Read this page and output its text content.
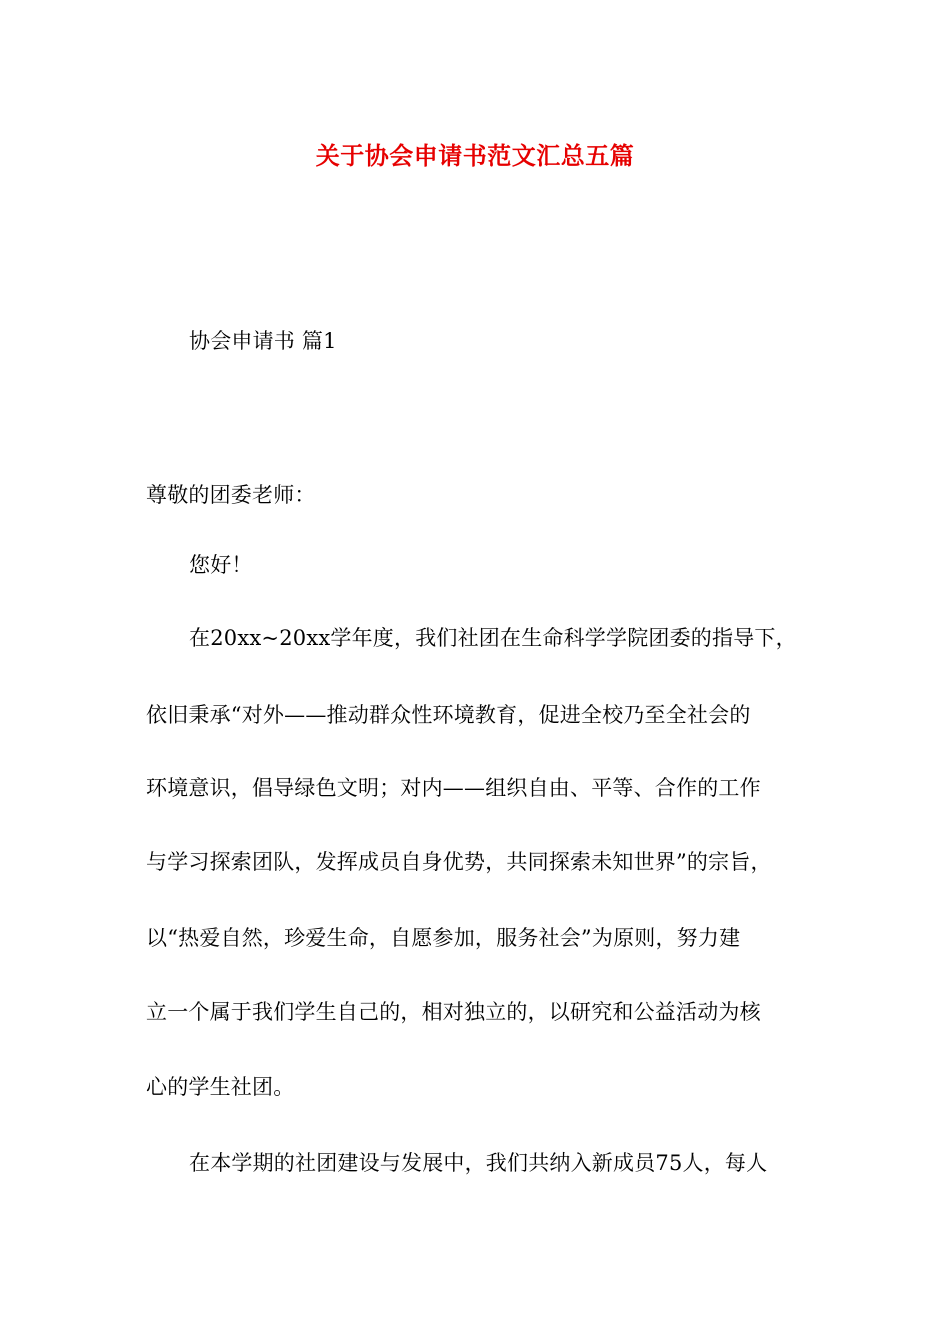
关于协会申请书范文汇总五篇
协会申请书 篇1
尊敬的团委老师：
您好！
在20xx~20xx学年度，我们社团在生命科学学院团委的指导下，
依旧秉承“对外——推动群众性环境教育，促进全校乃至全社会的
环境意识，倡导绿色文明；对内——组织自由、平等、合作的工作
与学习探索团队，发挥成员自身优势，共同探索未知世界”的宗旨，
以“热爱自然，珍爱生命，自愿参加，服务社会”为原则，努力建
立一个属于我们学生自己的，相对独立的，以研究和公益活动为核
心的学生社团。
在本学期的社团建设与发展中，我们共纳入新成员75人，每人
